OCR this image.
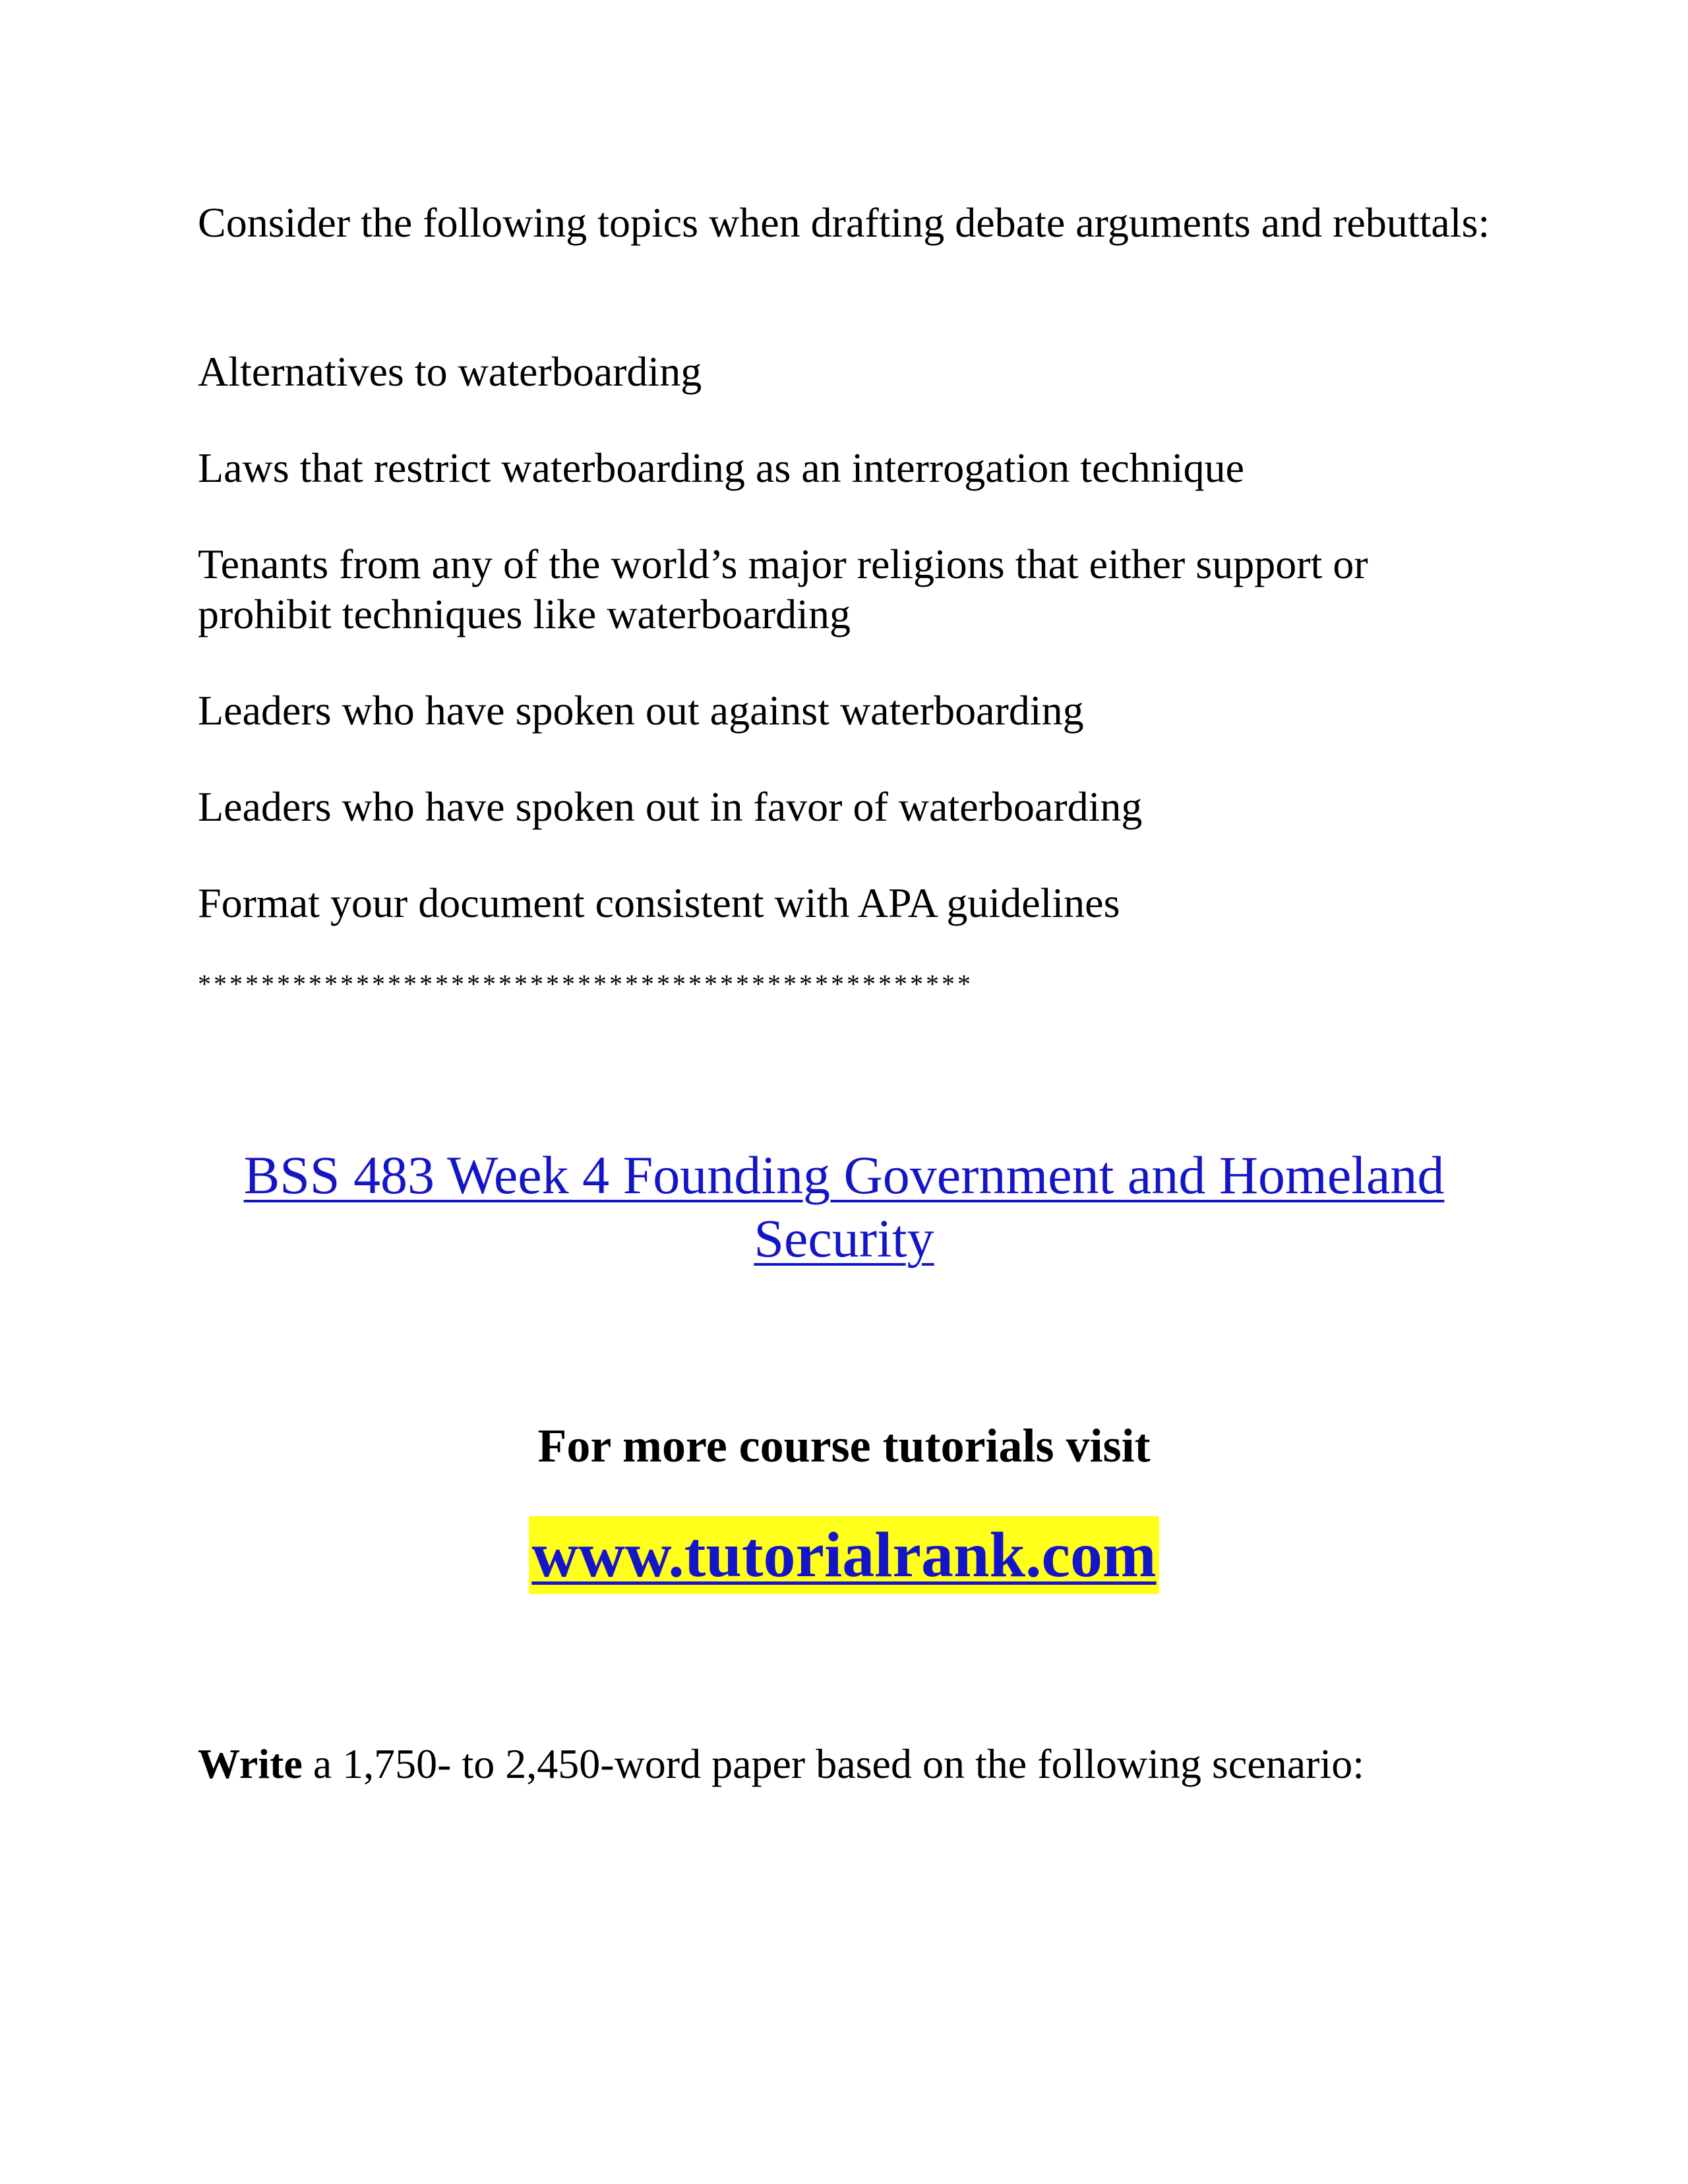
Consider the following topics when drafting debate arguments and rebuttals:

Alternatives to waterboarding

Laws that restrict waterboarding as an interrogation technique

Tenants from any of the world’s major religions that either support or prohibit techniques like waterboarding

Leaders who have spoken out against waterboarding

Leaders who have spoken out in favor of waterboarding

Format your document consistent with APA guidelines

*************************************************

BSS 483 Week 4 Founding Government and Homeland Security

For more course tutorials visit

www.tutorialrank.com

Write a 1,750- to 2,450-word paper based on the following scenario:
